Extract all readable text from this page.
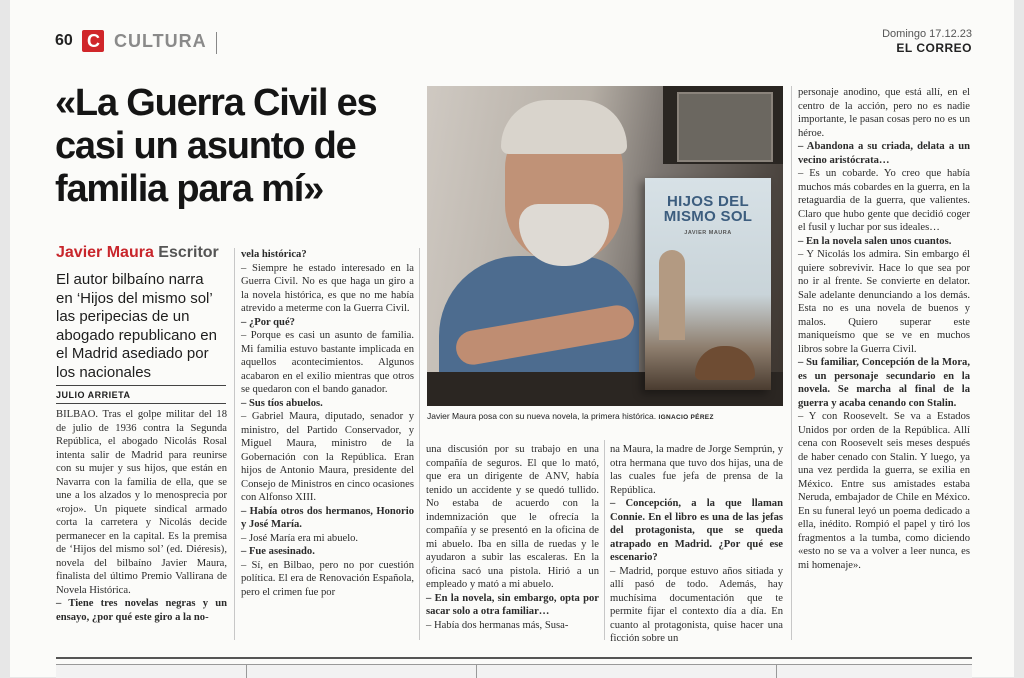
60 C CULTURA	Domingo 17.12.23
EL CORREO
«La Guerra Civil es casi un asunto de familia para mí»
Javier Maura Escritor
El autor bilbaíno narra en ‘Hijos del mismo sol’ las peripecias de un abogado republicano en el Madrid asediado por los nacionales
JULIO ARRIETA

BILBAO. Tras el golpe militar del 18 de julio de 1936 contra la Segunda República, el abogado Nicolás Rosal intenta salir de Madrid para reunirse con su mujer y sus hijos, que están en Navarra con la familia de ella, que se une a los alzados y lo menosprecia por «rojo». Un piquete sindical armado corta la carretera y Nicolás decide permanecer en la capital. Es la premisa de ‘Hijos del mismo sol’ (ed. Diéresis), novela del bilbaíno Javier Maura, finalista del último Premio Vallirana de Novela Histórica.

– Tiene tres novelas negras y un ensayo, ¿por qué este giro a la no-

vela histórica?

– Siempre he estado interesado en la Guerra Civil. No es que haga un giro a la novela histórica, es que no me había atrevido a meterme con la Guerra Civil.

– ¿Por qué?

– Porque es casi un asunto de familia. Mi familia estuvo bastante implicada en aquellos acontecimientos. Algunos acabaron en el exilio mientras que otros se quedaron con el bando ganador.

– Sus tíos abuelos.

– Gabriel Maura, diputado, senador y ministro, del Partido Conservador, y Miguel Maura, ministro de la Gobernación con la República. Eran hijos de Antonio Maura, presidente del Consejo de Ministros en cinco ocasiones con Alfonso XIII.

– Había otros dos hermanos, Honorio y José María.

– José María era mi abuelo.

– Fue asesinado.

– Sí, en Bilbao, pero no por cuestión política. El era de Renovación Española, pero el crimen fue por

una discusión por su trabajo en una compañía de seguros. El que lo mató, que era un dirigente de ANV, había tenido un accidente y se quedó tullido. No estaba de acuerdo con la indemnización que le ofrecía la compañía y se presentó en la oficina de mi abuelo. Iba en silla de ruedas y le ayudaron a subir las escaleras. En la oficina sacó una pistola. Hirió a un empleado y mató a mi abuelo.

– En la novela, sin embargo, opta por sacar solo a otra familiar…

– Había dos hermanas más, Susa-

na Maura, la madre de Jorge Semprún, y otra hermana que tuvo dos hijas, una de las cuales fue jefa de prensa de la República.

– Concepción, a la que llaman Connie. En el libro es una de las jefas del protagonista, que se queda atrapado en Madrid. ¿Por qué ese escenario?

– Madrid, porque estuvo años sitiada y allí pasó de todo. Además, hay muchísima documentación que te permite fijar el contexto día a día. En cuanto al protagonista, quise hacer una ficción sobre un

personaje anodino, que está allí, en el centro de la acción, pero no es nadie importante, le pasan cosas pero no es un héroe.

– Abandona a su criada, delata a un vecino aristócrata…

– Es un cobarde. Yo creo que había muchos más cobardes en la guerra, en la retaguardia de la guerra, que valientes. Claro que hubo gente que decidió coger el fusil y luchar por sus ideales…

– En la novela salen unos cuantos.

– Y Nicolás los admira. Sin embargo él quiere sobrevivir. Hace lo que sea por no ir al frente. Se convierte en delator. Sale adelante denunciando a los demás. Esta no es una novela de buenos y malos. Quiero superar este maniqueísmo que se ve en muchos libros sobre la Guerra Civil.

– Su familiar, Concepción de la Mora, es un personaje secundario en la novela. Se marcha al final de la guerra y acaba cenando con Stalin.

– Y con Roosevelt. Se va a Estados Unidos por orden de la República. Allí cena con Roosevelt seis meses después de haber cenado con Stalin. Y luego, ya una vez perdida la guerra, se exilia en México. Entre sus amistades estaba Neruda, embajador de Chile en México. En su funeral leyó un poema dedicado a ella, inédito. Rompió el papel y tiró los fragmentos a la tumba, como diciendo «esto no se va a volver a leer nunca, es mi homenaje».

HIJOS DEL MISMO SOL
JAVIER MAURA
Javier Maura posa con su nueva novela, la primera histórica. IGNACIO PÉREZ
